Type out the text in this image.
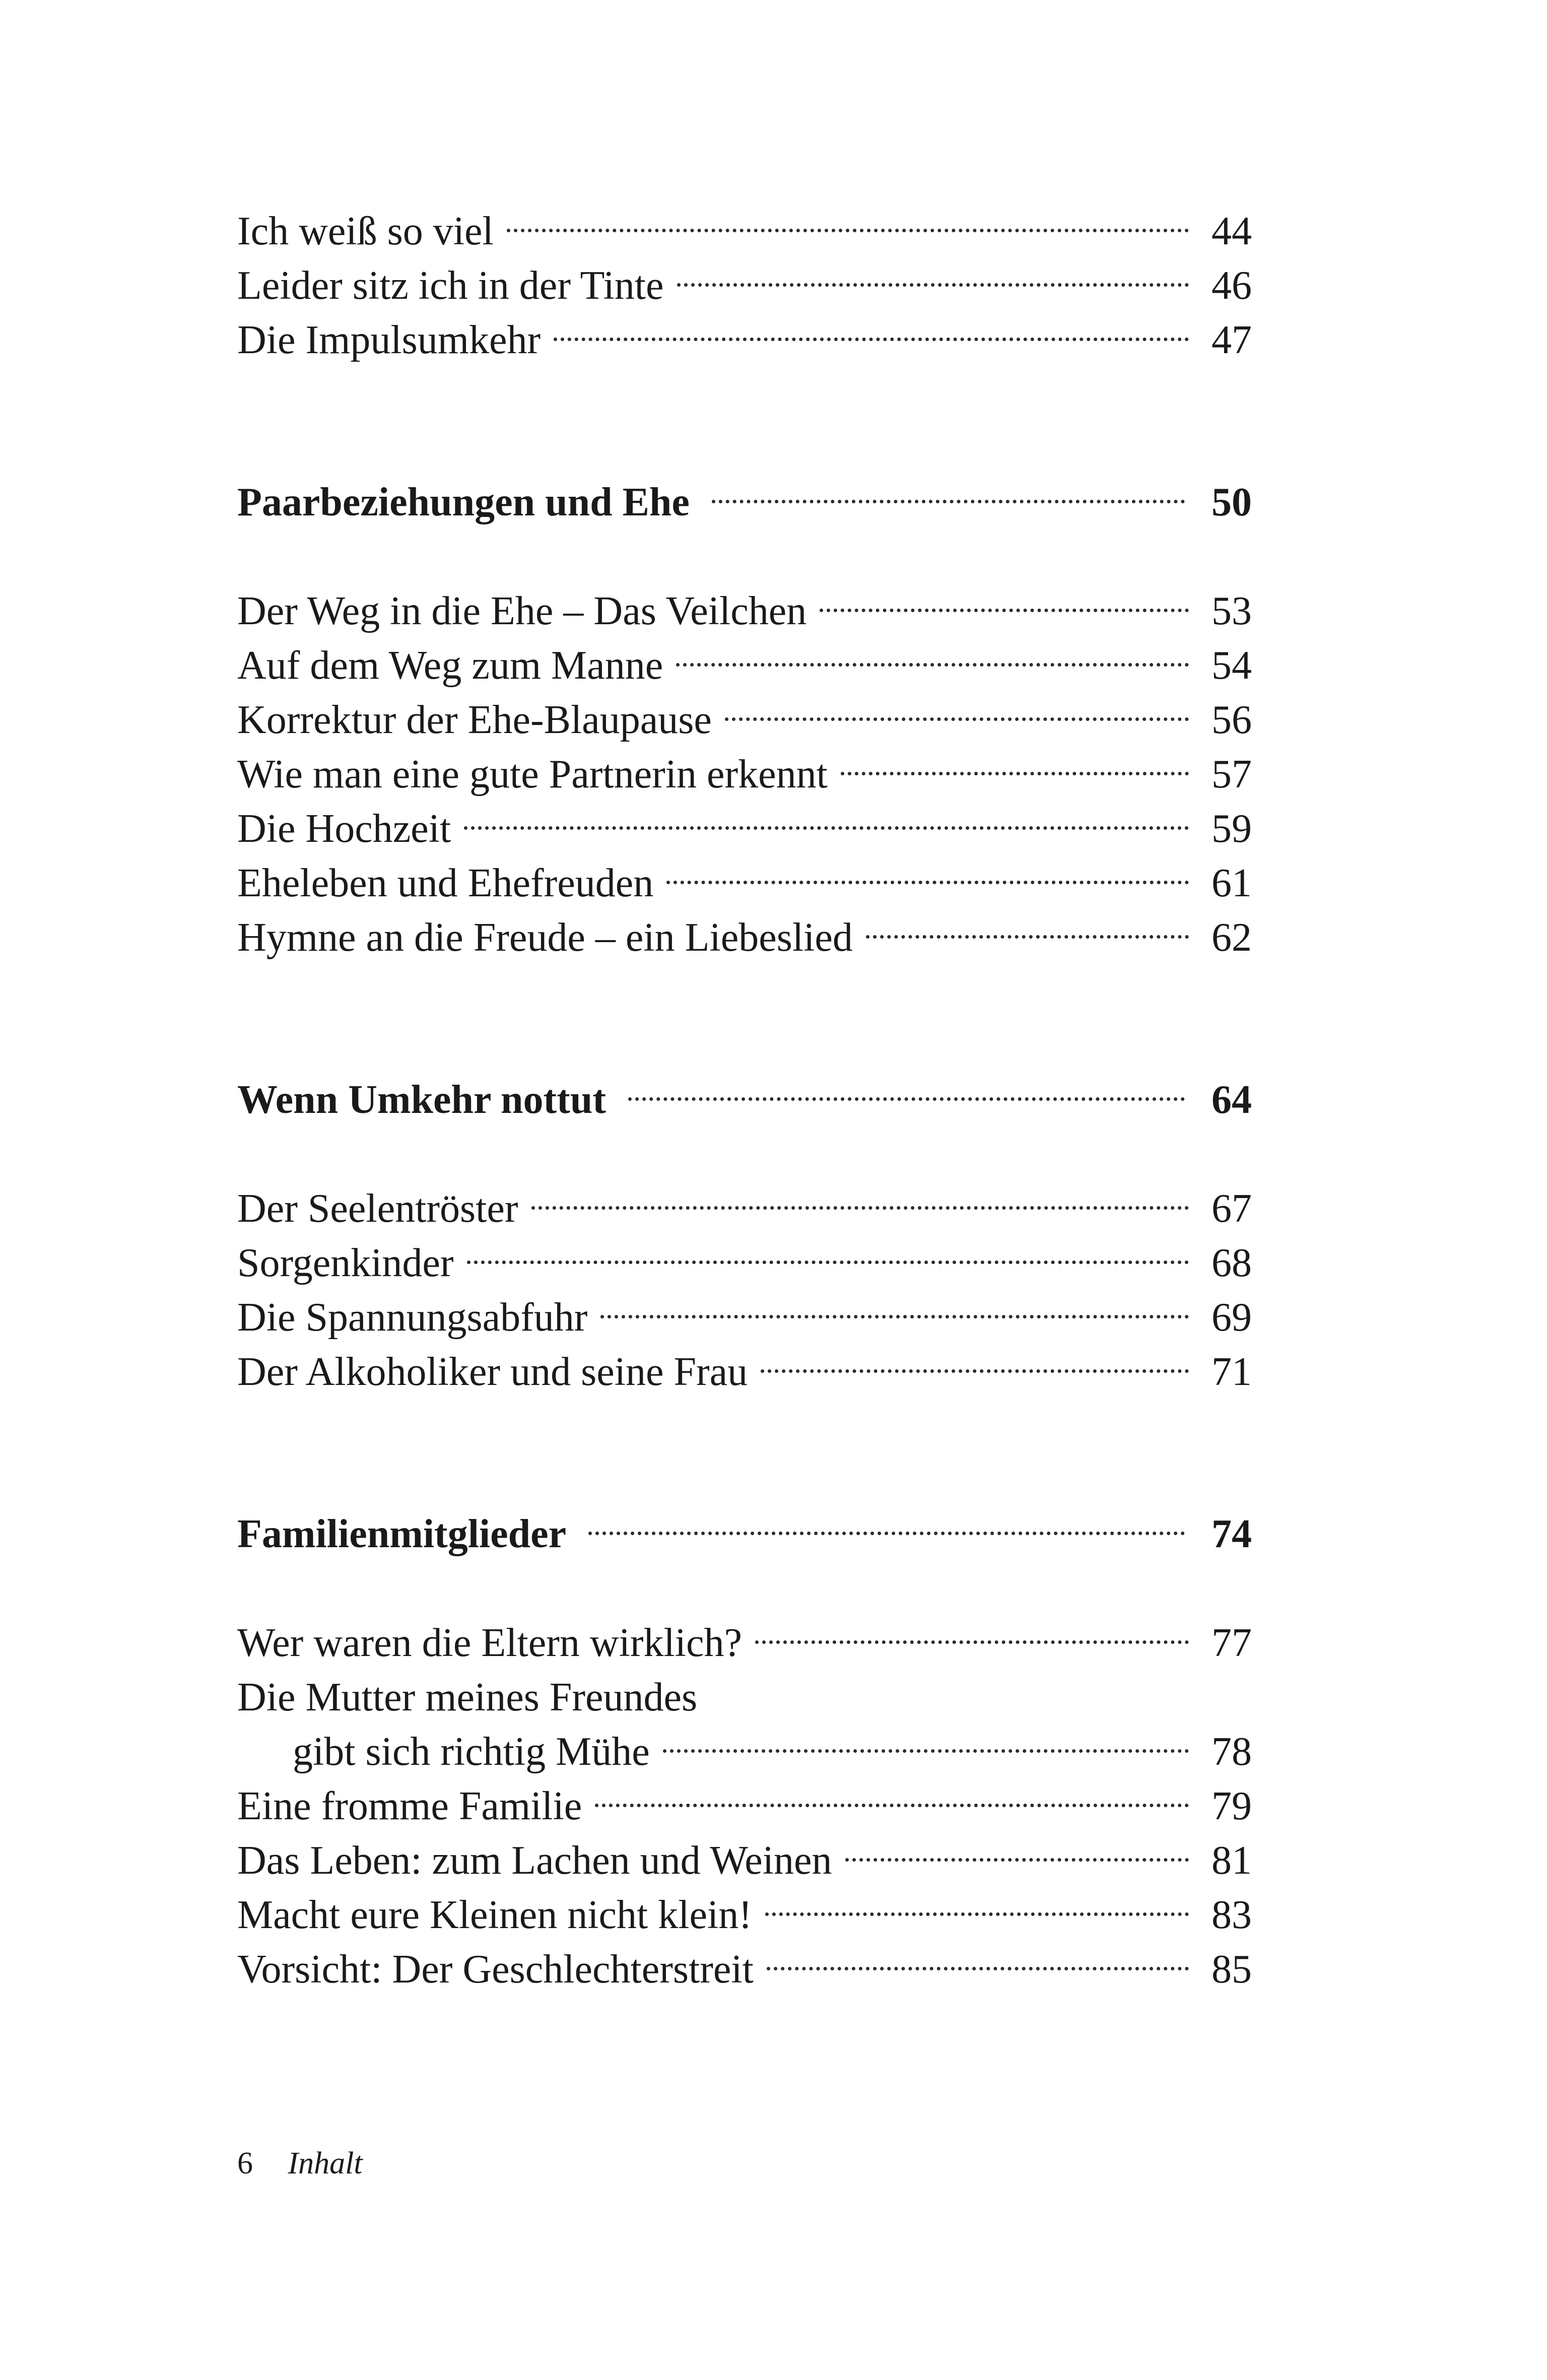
Ich weiß so viel	44
Leider sitz ich in der Tinte	46
Die Impulsumkehr	47
Paarbeziehungen und Ehe	50
Der Weg in die Ehe – Das Veilchen	53
Auf dem Weg zum Manne	54
Korrektur der Ehe-Blaupause	56
Wie man eine gute Partnerin erkennt	57
Die Hochzeit	59
Eheleben und Ehefreuden	61
Hymne an die Freude – ein Liebeslied	62
Wenn Umkehr nottut	64
Der Seelentröster	67
Sorgenkinder	68
Die Spannungsabfuhr	69
Der Alkoholiker und seine Frau	71
Familienmitglieder	74
Wer waren die Eltern wirklich?	77
Die Mutter meines Freundes
gibt sich richtig Mühe	78
Eine fromme Familie	79
Das Leben: zum Lachen und Weinen	81
Macht eure Kleinen nicht klein!	83
Vorsicht: Der Geschlechterstreit	85
6 Inhalt
